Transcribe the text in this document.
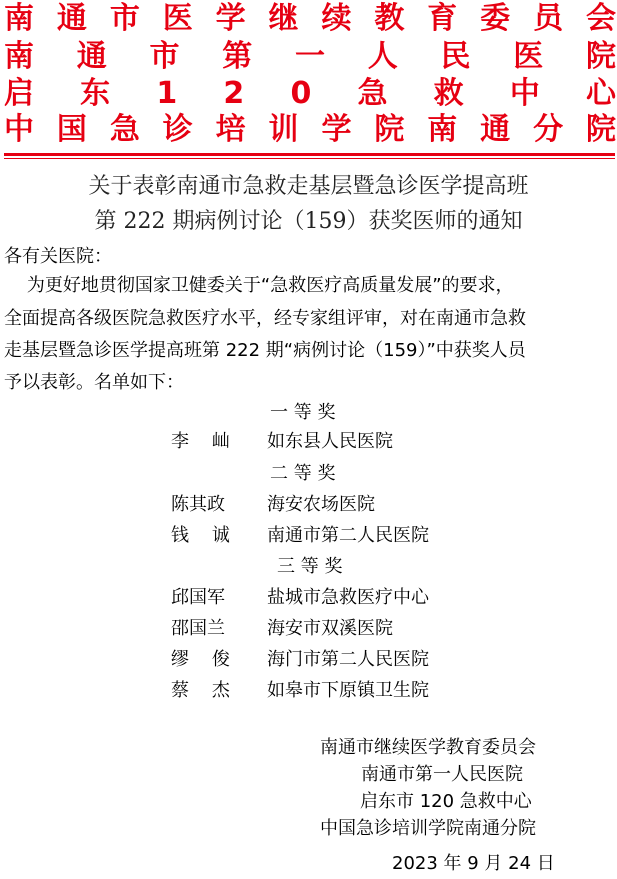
南 通 市 医 学 继 续 教 育 委 员 会
南 通 市 第 一 人 民 医 院
启 东 1 2 0 急 救 中 心
中 国 急 诊 培 训 学 院 南 通 分 院
关于表彰南通市急救走基层暨急诊医学提高班
第 222 期病例讨论（159）获奖医师的通知
各有关医院：
为更好地贯彻国家卫健委关于“急救医疗高质量发展”的要求，
全面提高各级医院急救医疗水平，经专家组评审，对在南通市急救
走基层暨急诊医学提高班第 222 期“病例讨论（159）”中获奖人员
予以表彰。名单如下：
一 等 奖
李    屾 如东县人民医院
二 等 奖
陈其政	海安农场医院
钱    诚 南通市第二人民医院
三 等 奖
邱国军	盐城市急救医疗中心
邵国兰	海安市双溪医院
缪    俊 海门市第二人民医院
蔡    杰 如皋市下原镇卫生院
南通市继续医学教育委员会
南通市第一人民医院
启东市 120 急救中心
中国急诊培训学院南通分院
2023 年 9 月 24 日
